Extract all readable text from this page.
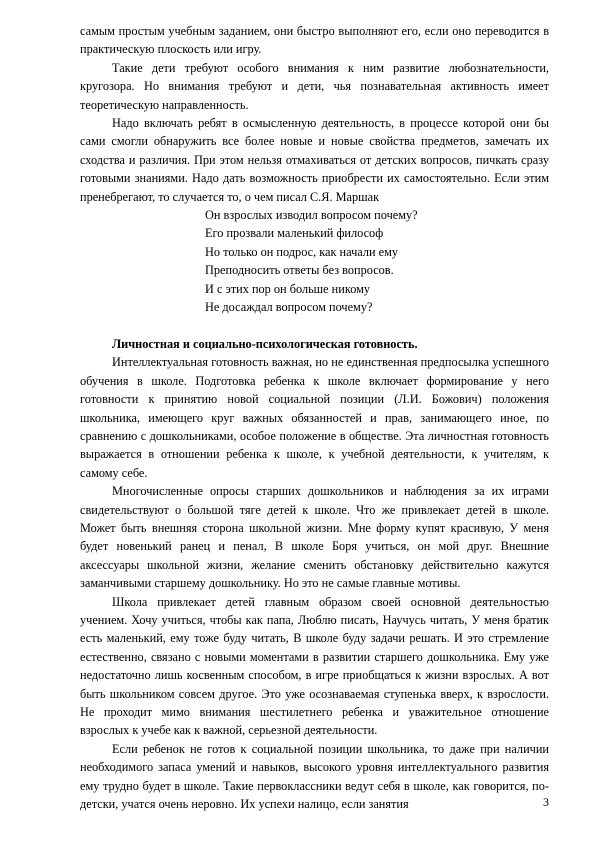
самым простым учебным заданием, они быстро выполняют его, если оно переводится в практическую плоскость или игру.

Такие дети требуют особого внимания к ним развитие любознательности, кругозора. Но внимания требуют и дети, чья познавательная активность имеет теоретическую направленность.

Надо включать ребят в осмысленную деятельность, в процессе которой они бы сами смогли обнаружить все более новые и новые свойства предметов, замечать их сходства и различия. При этом нельзя отмахиваться от детских вопросов, пичкать сразу готовыми знаниями. Надо дать возможность приобрести их самостоятельно. Если этим пренебрегают, то случается то, о чем писал С.Я. Маршак

Он взрослых изводил вопросом почему?
Его прозвали маленький философ
Но только он подрос, как начали ему
Преподносить ответы без вопросов.
И с этих пор он больше никому
Не досаждал вопросом почему?
Личностная и социально-психологическая готовность.

Интеллектуальная готовность важная, но не единственная предпосылка успешного обучения в школе. Подготовка ребенка к школе включает формирование у него готовности к принятию новой социальной позиции (Л.И. Божович) положения школьника, имеющего круг важных обязанностей и прав, занимающего иное, по сравнению с дошкольниками, особое положение в обществе. Эта личностная готовность выражается в отношении ребенка к школе, к учебной деятельности, к учителям, к самому себе.

Многочисленные опросы старших дошкольников и наблюдения за их играми свидетельствуют о большой тяге детей к школе. Что же привлекает детей в школе. Может быть внешняя сторона школьной жизни. Мне форму купят красивую, У меня будет новенький ранец и пенал, В школе Боря учиться, он мой друг. Внешние аксессуары школьной жизни, желание сменить обстановку действительно кажутся заманчивыми старшему дошкольнику. Но это не самые главные мотивы.

Школа привлекает детей главным образом своей основной деятельностью учением. Хочу учиться, чтобы как папа, Люблю писать, Научусь читать, У меня братик есть маленький, ему тоже буду читать, В школе буду задачи решать. И это стремление естественно, связано с новыми моментами в развитии старшего дошкольника. Ему уже недостаточно лишь косвенным способом, в игре приобщаться к жизни взрослых. А вот быть школьником совсем другое. Это уже осознаваемая ступенька вверх, к взрослости. Не проходит мимо внимания шестилетнего ребенка и уважительное отношение взрослых к учебе как к важной, серьезной деятельности.

Если ребенок не готов к социальной позиции школьника, то даже при наличии необходимого запаса умений и навыков, высокого уровня интеллектуального развития ему трудно будет в школе. Такие первоклассники ведут себя в школе, как говорится, по-детски, учатся очень неровно. Их успехи налицо, если занятия	3
